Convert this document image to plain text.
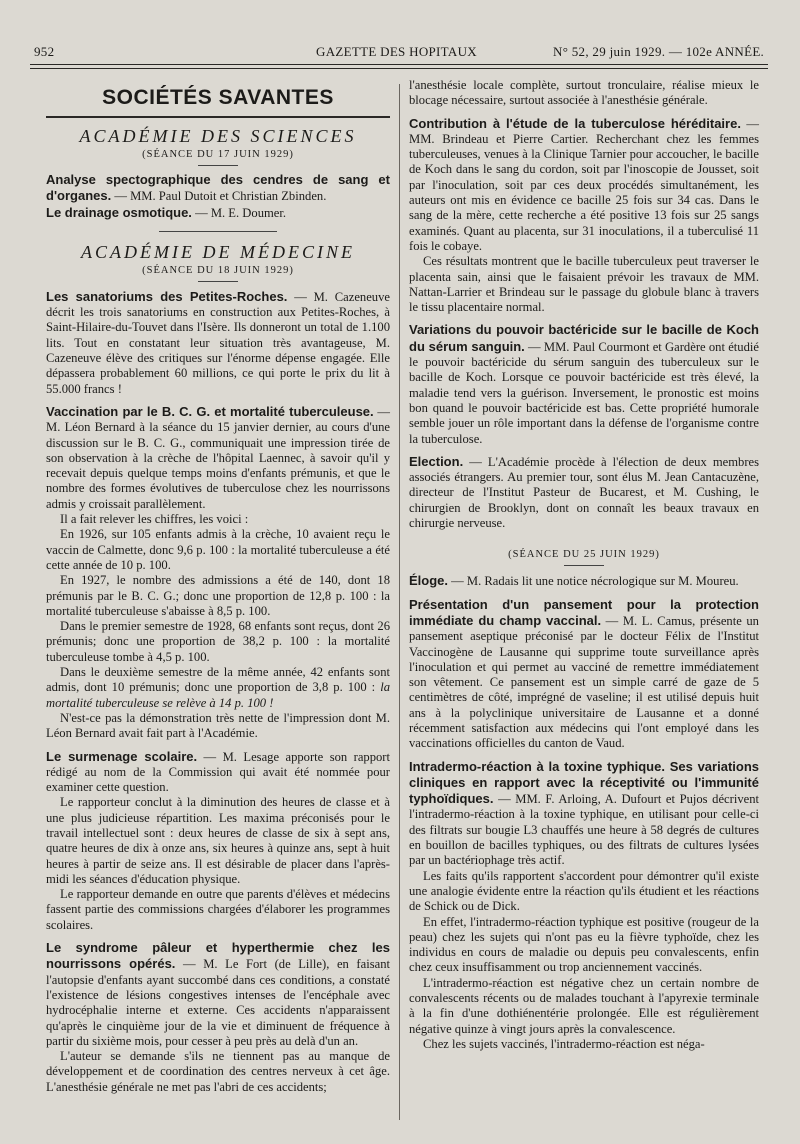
952	GAZETTE DES HOPITAUX	N° 52, 29 juin 1929. — 102e ANNÉE.
SOCIÉTÉS SAVANTES
ACADÉMIE DES SCIENCES
(SÉANCE DU 17 JUIN 1929)

Analyse spectographique des cendres de sang et d'organes. — MM. Paul Dutoit et Christian Zbinden.

Le drainage osmotique. — M. E. Doumer.

ACADÉMIE DE MÉDECINE
(SÉANCE DU 18 JUIN 1929)

Les sanatoriums des Petites-Roches. — M. Cazeneuve décrit les trois sanatoriums en construction aux Petites-Roches, à Saint-Hilaire-du-Touvet dans l'Isère. Ils donneront un total de 1.100 lits. Tout en constatant leur situation très avantageuse, M. Cazeneuve élève des critiques sur l'énorme dépense engagée. Elle dépassera probablement 60 millions, ce qui porte le prix du lit à 55.000 francs !

Vaccination par le B. C. G. et mortalité tuberculeuse. — M. Léon Bernard à la séance du 15 janvier dernier, au cours d'une discussion sur le B. C. G., communiquait une impression tirée de son observation à la crèche de l'hôpital Laennec, à savoir qu'il y recevait depuis quelque temps moins d'enfants prémunis, et que le nombre des formes évolutives de tuberculose chez les nourrissons admis y croissait parallèlement.

Il a fait relever les chiffres, les voici :

En 1926, sur 105 enfants admis à la crèche, 10 avaient reçu le vaccin de Calmette, donc 9,6 p. 100 : la mortalité tuberculeuse a été cette année de 10 p. 100.

En 1927, le nombre des admissions a été de 140, dont 18 prémunis par le B. C. G.; donc une proportion de 12,8 p. 100 : la mortalité tuberculeuse s'abaisse à 8,5 p. 100.

Dans le premier semestre de 1928, 68 enfants sont reçus, dont 26 prémunis; donc une proportion de 38,2 p. 100 : la mortalité tuberculeuse tombe à 4,5 p. 100.

Dans le deuxième semestre de la même année, 42 enfants sont admis, dont 10 prémunis; donc une proportion de 3,8 p. 100 : la mortalité tuberculeuse se relève à 14 p. 100 !

N'est-ce pas la démonstration très nette de l'impression dont M. Léon Bernard avait fait part à l'Académie.

Le surmenage scolaire. — M. Lesage apporte son rapport rédigé au nom de la Commission qui avait été nommée pour examiner cette question.

Le rapporteur conclut à la diminution des heures de classe et à une plus judicieuse répartition. Les maxima préconisés pour le travail intellectuel sont : deux heures de classe de six à sept ans, quatre heures de dix à onze ans, six heures à quinze ans, sept à huit heures à partir de seize ans. Il est désirable de placer dans l'après-midi les séances d'éducation physique.

Le rapporteur demande en outre que parents d'élèves et médecins fassent partie des commissions chargées d'élaborer les programmes scolaires.

Le syndrome pâleur et hyperthermie chez les nourrissons opérés. — M. Le Fort (de Lille), en faisant l'autopsie d'enfants ayant succombé dans ces conditions, a constaté l'existence de lésions congestives intenses de l'encéphale avec hydrocéphalie interne et externe. Ces accidents n'apparaissent qu'après le cinquième jour de la vie et diminuent de fréquence à partir du sixième mois, pour cesser à peu près au delà d'un an.

L'auteur se demande s'ils ne tiennent pas au manque de développement et de coordination des centres nerveux à cet âge. L'anesthésie générale ne met pas l'abri de ces accidents;

l'anesthésie locale complète, surtout tronculaire, réalise mieux le blocage nécessaire, surtout associée à l'anesthésie générale.

Contribution à l'étude de la tuberculose héréditaire. — MM. Brindeau et Pierre Cartier. Recherchant chez les femmes tuberculeuses, venues à la Clinique Tarnier pour accoucher, le bacille de Koch dans le sang du cordon, soit par l'inoscopie de Jousset, soit par l'inoculation, soit par ces deux procédés simultanément, les auteurs ont mis en évidence ce bacille 25 fois sur 34 cas. Dans le sang de la mère, cette recherche a été positive 13 fois sur 25 sangs examinés. Quant au placenta, sur 31 inoculations, il a tuberculisé 11 fois le cobaye.

Ces résultats montrent que le bacille tuberculeux peut traverser le placenta sain, ainsi que le faisaient prévoir les travaux de MM. Nattan-Larrier et Brindeau sur le passage du globule blanc à travers le tissu placentaire normal.

Variations du pouvoir bactéricide sur le bacille de Koch du sérum sanguin. — MM. Paul Courmont et Gardère ont étudié le pouvoir bactéricide du sérum sanguin des tuberculeux sur le bacille de Koch. Lorsque ce pouvoir bactéricide est très élevé, la maladie tend vers la guérison. Inversement, le pronostic est moins bon quand le pouvoir bactéricide est bas. Cette propriété humorale semble jouer un rôle important dans la défense de l'organisme contre la tuberculose.

Election. — L'Académie procède à l'élection de deux membres associés étrangers. Au premier tour, sont élus M. Jean Cantacuzène, directeur de l'Institut Pasteur de Bucarest, et M. Cushing, le chirurgien de Brooklyn, dont on connaît les beaux travaux en chirurgie nerveuse.

(SÉANCE DU 25 JUIN 1929)

Éloge. — M. Radais lit une notice nécrologique sur M. Moureu.

Présentation d'un pansement pour la protection immédiate du champ vaccinal. — M. L. Camus, présente un pansement aseptique préconisé par le docteur Félix de l'Institut Vaccinogène de Lausanne qui supprime toute surveillance après l'inoculation et qui permet au vacciné de remettre immédiatement son vêtement. Ce pansement est un simple carré de gaze de 5 centimètres de côté, imprégné de vaseline; il est utilisé depuis huit ans à la polyclinique universitaire de Lausanne et a donné récemment satisfaction aux médecins qui l'ont employé dans les vaccinations officielles du canton de Vaud.

Intradermo-réaction à la toxine typhique. Ses variations cliniques en rapport avec la réceptivité ou l'immunité typhoïdiques. — MM. F. Arloing, A. Dufourt et Pujos décrivent l'intradermo-réaction à la toxine typhique, en utilisant pour celle-ci des filtrats sur bougie L3 chauffés une heure à 58 degrés de cultures en bouillon de bacilles typhiques, ou des filtrats de cultures lysées par un bactériophage très actif.

Les faits qu'ils rapportent s'accordent pour démontrer qu'il existe une analogie évidente entre la réaction qu'ils étudient et les réactions de Schick ou de Dick.

En effet, l'intradermo-réaction typhique est positive (rougeur de la peau) chez les sujets qui n'ont pas eu la fièvre typhoïde, chez les individus en cours de maladie ou depuis peu convalescents, enfin chez ceux insuffisamment ou trop anciennement vaccinés.

L'intradermo-réaction est négative chez un certain nombre de convalescents récents ou de malades touchant à l'apyrexie terminale à la fin d'une dothiénentérie prolongée. Elle est régulièrement négative quinze à vingt jours après la convalescence.

Chez les sujets vaccinés, l'intradermo-réaction est néga-
